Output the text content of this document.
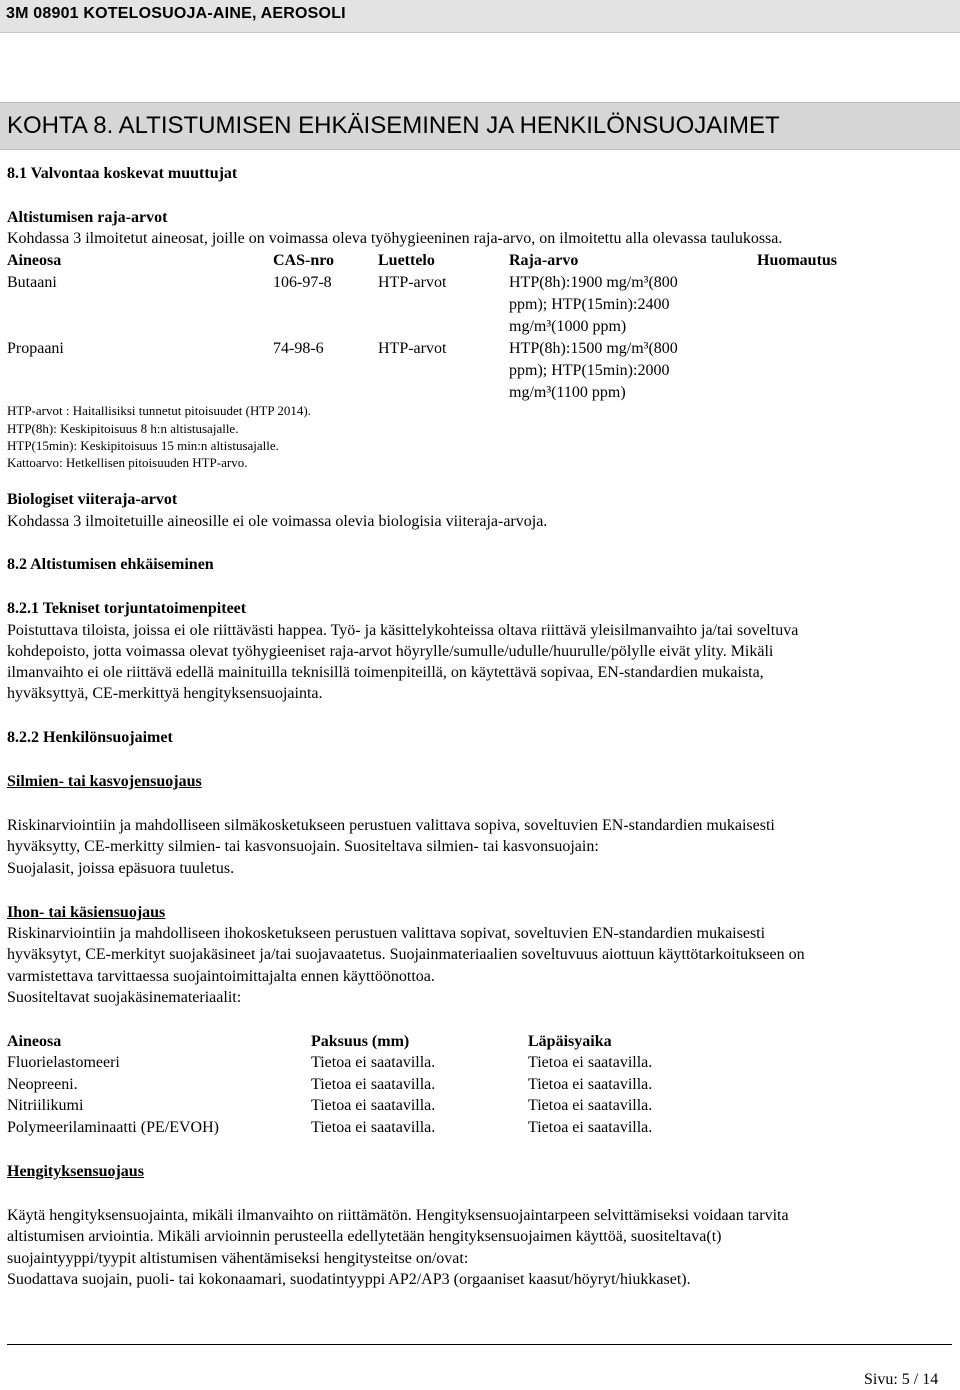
3M 08901 KOTELOSUOJA-AINE, AEROSOLI
KOHTA 8. ALTISTUMISEN EHKÄISEMINEN JA HENKILÖNSUOJAIMET
8.1 Valvontaa koskevat muuttujat
Altistumisen raja-arvot
Kohdassa 3 ilmoitetut aineosat, joille on voimassa oleva työhygieeninen raja-arvo, on ilmoitettu alla olevassa taulukossa.
Aineosa	CAS-nro	Luettelo	Raja-arvo	Huomautus
Butaani	106-97-8	HTP-arvot	HTP(8h):1900 mg/m³(800
ppm); HTP(15min):2400
mg/m³(1000 ppm)
Propaani	74-98-6	HTP-arvot	HTP(8h):1500 mg/m³(800
ppm); HTP(15min):2000
mg/m³(1100 ppm)
HTP-arvot : Haitallisiksi tunnetut pitoisuudet (HTP 2014).
HTP(8h): Keskipitoisuus 8 h:n altistusajalle.
HTP(15min): Keskipitoisuus 15 min:n altistusajalle.
Kattoarvo: Hetkellisen pitoisuuden HTP-arvo.
Biologiset viiteraja-arvot
Kohdassa 3 ilmoitetuille aineosille ei ole voimassa olevia biologisia viiteraja-arvoja.
8.2 Altistumisen ehkäiseminen
8.2.1 Tekniset torjuntatoimenpiteet
Poistuttava tiloista, joissa ei ole riittävästi happea. Työ- ja käsittelykohteissa oltava riittävä yleisilmanvaihto ja/tai soveltuva
kohdepoisto, jotta voimassa olevat työhygieeniset raja-arvot höyrylle/sumulle/udulle/huurulle/pölylle eivät ylity. Mikäli
ilmanvaihto ei ole riittävä edellä mainituilla teknisillä toimenpiteillä, on käytettävä sopivaa, EN-standardien mukaista,
hyväksyttyä, CE-merkittyä hengityksensuojainta.
8.2.2 Henkilönsuojaimet
Silmien- tai kasvojensuojaus
Riskinarviointiin ja mahdolliseen silmäkosketukseen perustuen valittava sopiva, soveltuvien EN-standardien mukaisesti
hyväksytty, CE-merkitty silmien- tai kasvonsuojain. Suositeltava silmien- tai kasvonsuojain:
Suojalasit, joissa epäsuora tuuletus.
Ihon- tai käsiensuojaus
Riskinarviointiin ja mahdolliseen ihokosketukseen perustuen valittava sopivat, soveltuvien EN-standardien mukaisesti
hyväksytyt, CE-merkityt suojakäsineet ja/tai suojavaatetus. Suojainmateriaalien soveltuvuus aiottuun käyttötarkoitukseen on
varmistettava tarvittaessa suojaintoimittajalta ennen käyttöönottoa.
Suositeltavat suojakäsinemateriaalit:
Aineosa	Paksuus (mm)	Läpäisyaika
Fluorielastomeeri	Tietoa ei saatavilla.	Tietoa ei saatavilla.
Neopreeni.	Tietoa ei saatavilla.	Tietoa ei saatavilla.
Nitriilikumi	Tietoa ei saatavilla.	Tietoa ei saatavilla.
Polymeerilaminaatti (PE/EVOH)	Tietoa ei saatavilla.	Tietoa ei saatavilla.
Hengityksensuojaus
Käytä hengityksensuojainta, mikäli ilmanvaihto on riittämätön. Hengityksensuojaintarpeen selvittämiseksi voidaan tarvita
altistumisen arviointia. Mikäli arvioinnin perusteella edellytetään hengityksensuojaimen käyttöä, suositeltava(t)
suojaintyyppi/tyypit altistumisen vähentämiseksi hengitysteitse on/ovat:
Suodattava suojain, puoli- tai kokonaamari, suodatintyyppi AP2/AP3 (orgaaniset kaasut/höyryt/hiukkaset).
Sivu: 5 / 14
